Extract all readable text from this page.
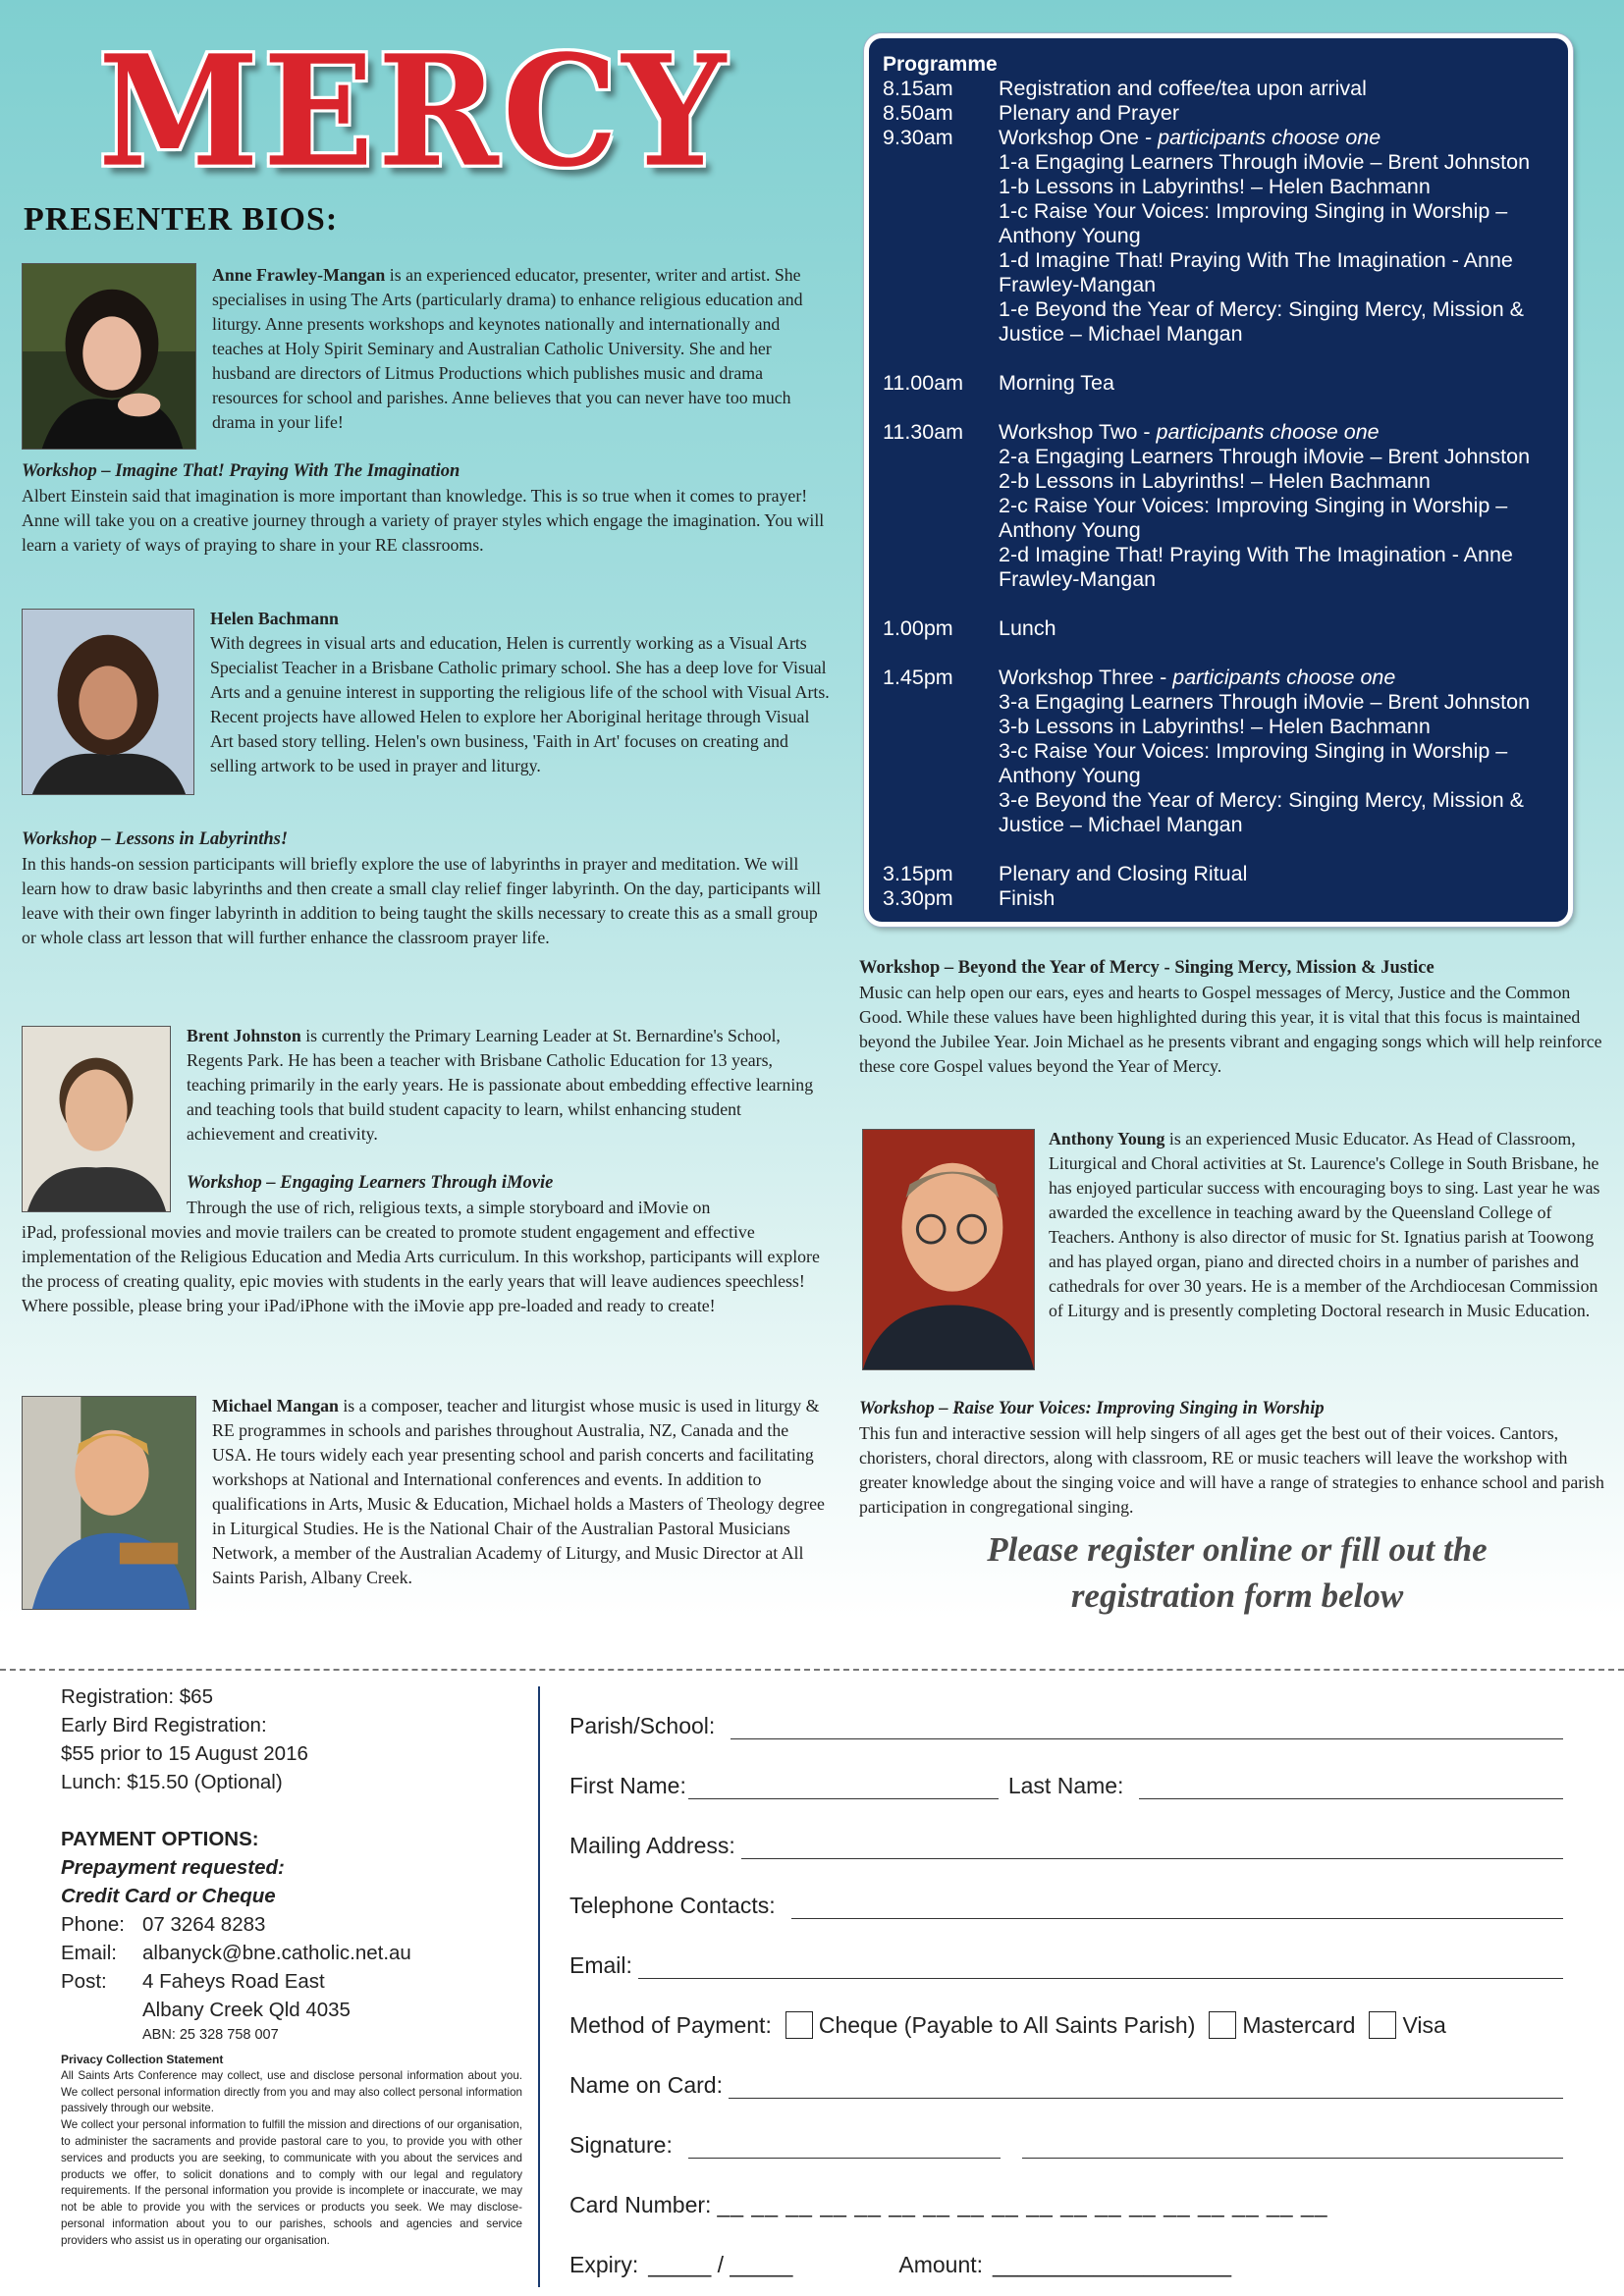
MERCY
PRESENTER BIOS:
Anne Frawley-Mangan is an experienced educator, presenter, writer and artist. She specialises in using The Arts (particularly drama) to enhance religious education and liturgy. Anne presents workshops and keynotes nationally and internationally and teaches at Holy Spirit Seminary and Australian Catholic University. She and her husband are directors of Litmus Productions which publishes music and drama resources for school and parishes. Anne believes that you can never have too much drama in your life!
Workshop – Imagine That! Praying With The Imagination
Albert Einstein said that imagination is more important than knowledge. This is so true when it comes to prayer! Anne will take you on a creative journey through a variety of prayer styles which engage the imagination. You will learn a variety of ways of praying to share in your RE classrooms.
Helen Bachmann
With degrees in visual arts and education, Helen is currently working as a Visual Arts Specialist Teacher in a Brisbane Catholic primary school. She has a deep love for Visual Arts and a genuine interest in supporting the religious life of the school with Visual Arts. Recent projects have allowed Helen to explore her Aboriginal heritage through Visual Art based story telling. Helen's own business, 'Faith in Art' focuses on creating and selling artwork to be used in prayer and liturgy.
Workshop – Lessons in Labyrinths!
In this hands-on session participants will briefly explore the use of labyrinths in prayer and meditation. We will learn how to draw basic labyrinths and then create a small clay relief finger labyrinth. On the day, participants will leave with their own finger labyrinth in addition to being taught the skills necessary to create this as a small group or whole class art lesson that will further enhance the classroom prayer life.
Brent Johnston is currently the Primary Learning Leader at St. Bernardine's School, Regents Park. He has been a teacher with Brisbane Catholic Education for 13 years, teaching primarily in the early years. He is passionate about embedding effective learning and teaching tools that build student capacity to learn, whilst enhancing student achievement and creativity.
Workshop – Engaging Learners Through iMovie
Through the use of rich, religious texts, a simple storyboard and iMovie on
iPad, professional movies and movie trailers can be created to promote student engagement and effective implementation of the Religious Education and Media Arts curriculum. In this workshop, participants will explore the process of creating quality, epic movies with students in the early years that will leave audiences speechless! Where possible, please bring your iPad/iPhone with the iMovie app pre-loaded and ready to create!
Michael Mangan is a composer, teacher and liturgist whose music is used in liturgy & RE programmes in schools and parishes throughout Australia, NZ, Canada and the USA. He tours widely each year presenting school and parish concerts and facilitating workshops at National and International conferences and events. In addition to qualifications in Arts, Music & Education, Michael holds a Masters of Theology degree in Liturgical Studies. He is the National Chair of the Australian Pastoral Musicians Network, a member of the Australian Academy of Liturgy, and Music Director at All Saints Parish, Albany Creek.
Programme
8.15am	Registration and coffee/tea upon arrival
8.50am	Plenary and Prayer
9.30am	Workshop One - participants choose one
1-a Engaging Learners Through iMovie – Brent Johnston
1-b Lessons in Labyrinths! – Helen Bachmann
1-c Raise Your Voices: Improving Singing in Worship – Anthony Young
1-d Imagine That! Praying With The Imagination - Anne Frawley-Mangan
1-e Beyond the Year of Mercy: Singing Mercy, Mission & Justice – Michael Mangan
11.00am	Morning Tea
11.30am	Workshop Two - participants choose one
2-a Engaging Learners Through iMovie – Brent Johnston
2-b Lessons in Labyrinths! – Helen Bachmann
2-c Raise Your Voices: Improving Singing in Worship – Anthony Young
2-d Imagine That! Praying With The Imagination - Anne Frawley-Mangan
1.00pm	Lunch
1.45pm	Workshop Three - participants choose one
3-a Engaging Learners Through iMovie – Brent Johnston
3-b Lessons in Labyrinths! – Helen Bachmann
3-c Raise Your Voices: Improving Singing in Worship – Anthony Young
3-e Beyond the Year of Mercy: Singing Mercy, Mission & Justice – Michael Mangan
3.15pm	Plenary and Closing Ritual
3.30pm	Finish
Workshop – Beyond the Year of Mercy - Singing Mercy, Mission & Justice
Music can help open our ears, eyes and hearts to Gospel messages of Mercy, Justice and the Common Good. While these values have been highlighted during this year, it is vital that this focus is maintained beyond the Jubilee Year. Join Michael as he presents vibrant and engaging songs which will help reinforce these core Gospel values beyond the Year of Mercy.
Anthony Young is an experienced Music Educator. As Head of Classroom, Liturgical and Choral activities at St. Laurence's College in South Brisbane, he has enjoyed particular success with encouraging boys to sing. Last year he was awarded the excellence in teaching award by the Queensland College of Teachers. Anthony is also director of music for St. Ignatius parish at Toowong and has played organ, piano and directed choirs in a number of parishes and cathedrals for over 30 years. He is a member of the Archdiocesan Commission of Liturgy and is presently completing Doctoral research in Music Education.
Workshop – Raise Your Voices: Improving Singing in Worship
This fun and interactive session will help singers of all ages get the best out of their voices. Cantors, choristers, choral directors, along with classroom, RE or music teachers will leave the workshop with greater knowledge about the singing voice and will have a range of strategies to enhance school and parish participation in congregational singing.
Please register online or fill out the
registration form below
Registration: $65
Early Bird Registration:
$55 prior to 15 August 2016
Lunch: $15.50 (Optional)
PAYMENT OPTIONS:
Prepayment requested:
Credit Card or Cheque
Phone: 07 3264 8283
Email:	albanyck@bne.catholic.net.au
Post:	4 Faheys Road East
Albany Creek Qld 4035
ABN: 25 328 758 007
Privacy Collection Statement
All Saints Arts Conference may collect, use and disclose personal information about you. We collect personal information directly from you and may also collect personal information passively through our website.
We collect your personal information to fulfill the mission and directions of our organisation, to administer the sacraments and provide pastoral care to you, to provide you with other services and products you are seeking, to communicate with you about the services and products we offer, to solicit donations and to comply with our legal and regulatory requirements. If the personal information you provide is incomplete or inaccurate, we may not be able to provide you with the services or products you seek. We may disclose-personal information about you to our parishes, schools and agencies and service providers who assist us in operating our organisation.
Parish/School:
First Name:	Last Name:
Mailing Address:
Telephone Contacts:
Email:
Method of Payment: Cheque (Payable to All Saints Parish) Mastercard Visa
Name on Card:
Signature:
Card Number: __ __ __ __ __ __ __ __ __ __ __ __ __ __ __ __ __ __
Expiry: _____ / _____	Amount: ___________________
